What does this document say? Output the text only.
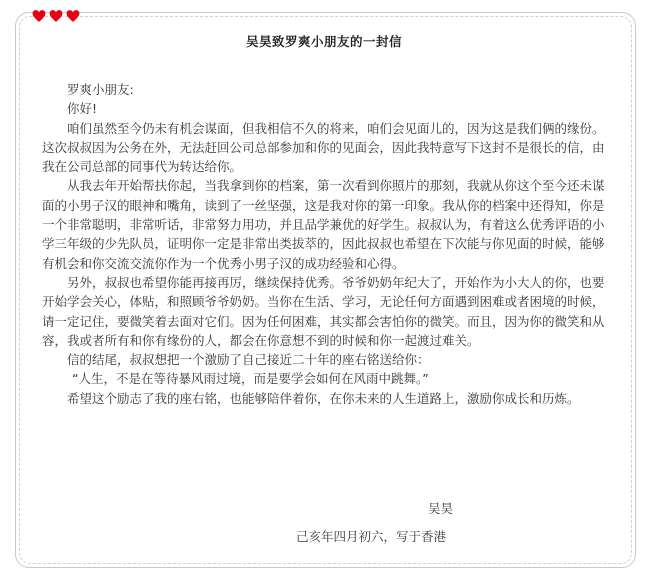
吴昊致罗爽小朋友的一封信

罗爽小朋友:

你好!

咱们虽然至今仍未有机会谋面，但我相信不久的将来，咱们会见面儿的，因为这是我们俩的缘份。这次叔叔因为公务在外，无法赶回公司总部参加和你的见面会，因此我特意写下这封不是很长的信，由我在公司总部的同事代为转达给你。

从我去年开始帮扶你起，当我拿到你的档案，第一次看到你照片的那刻，我就从你这个至今还未谋面的小男子汉的眼神和嘴角，读到了一丝坚强，这是我对你的第一印象。我从你的档案中还得知，你是一个非常聪明，非常听话，非常努力用功，并且品学兼优的好学生。叔叔认为，有着这么优秀评语的小学三年级的少先队员，证明你一定是非常出类拔萃的，因此叔叔也希望在下次能与你见面的时候，能够有机会和你交流交流你作为一个优秀小男子汉的成功经验和心得。

另外，叔叔也希望你能再接再厉，继续保持优秀。爷爷奶奶年纪大了，开始作为小大人的你，也要开始学会关心，体贴，和照顾爷爷奶奶。当你在生活、学习，无论任何方面遇到困难或者困境的时候，请一定记住，要微笑着去面对它们。因为任何困难，其实都会害怕你的微笑。而且，因为你的微笑和从容，我或者所有和你有缘份的人，都会在你意想不到的时候和你一起渡过难关。

信的结尾，叔叔想把一个激励了自己接近二十年的座右铭送给你：

“人生，不是在等待暴风雨过境，而是要学会如何在风雨中跳舞。”

希望这个励志了我的座右铭，也能够陪伴着你，在你未来的人生道路上，激励你成长和历炼。

吴昊
己亥年四月初六，写于香港
